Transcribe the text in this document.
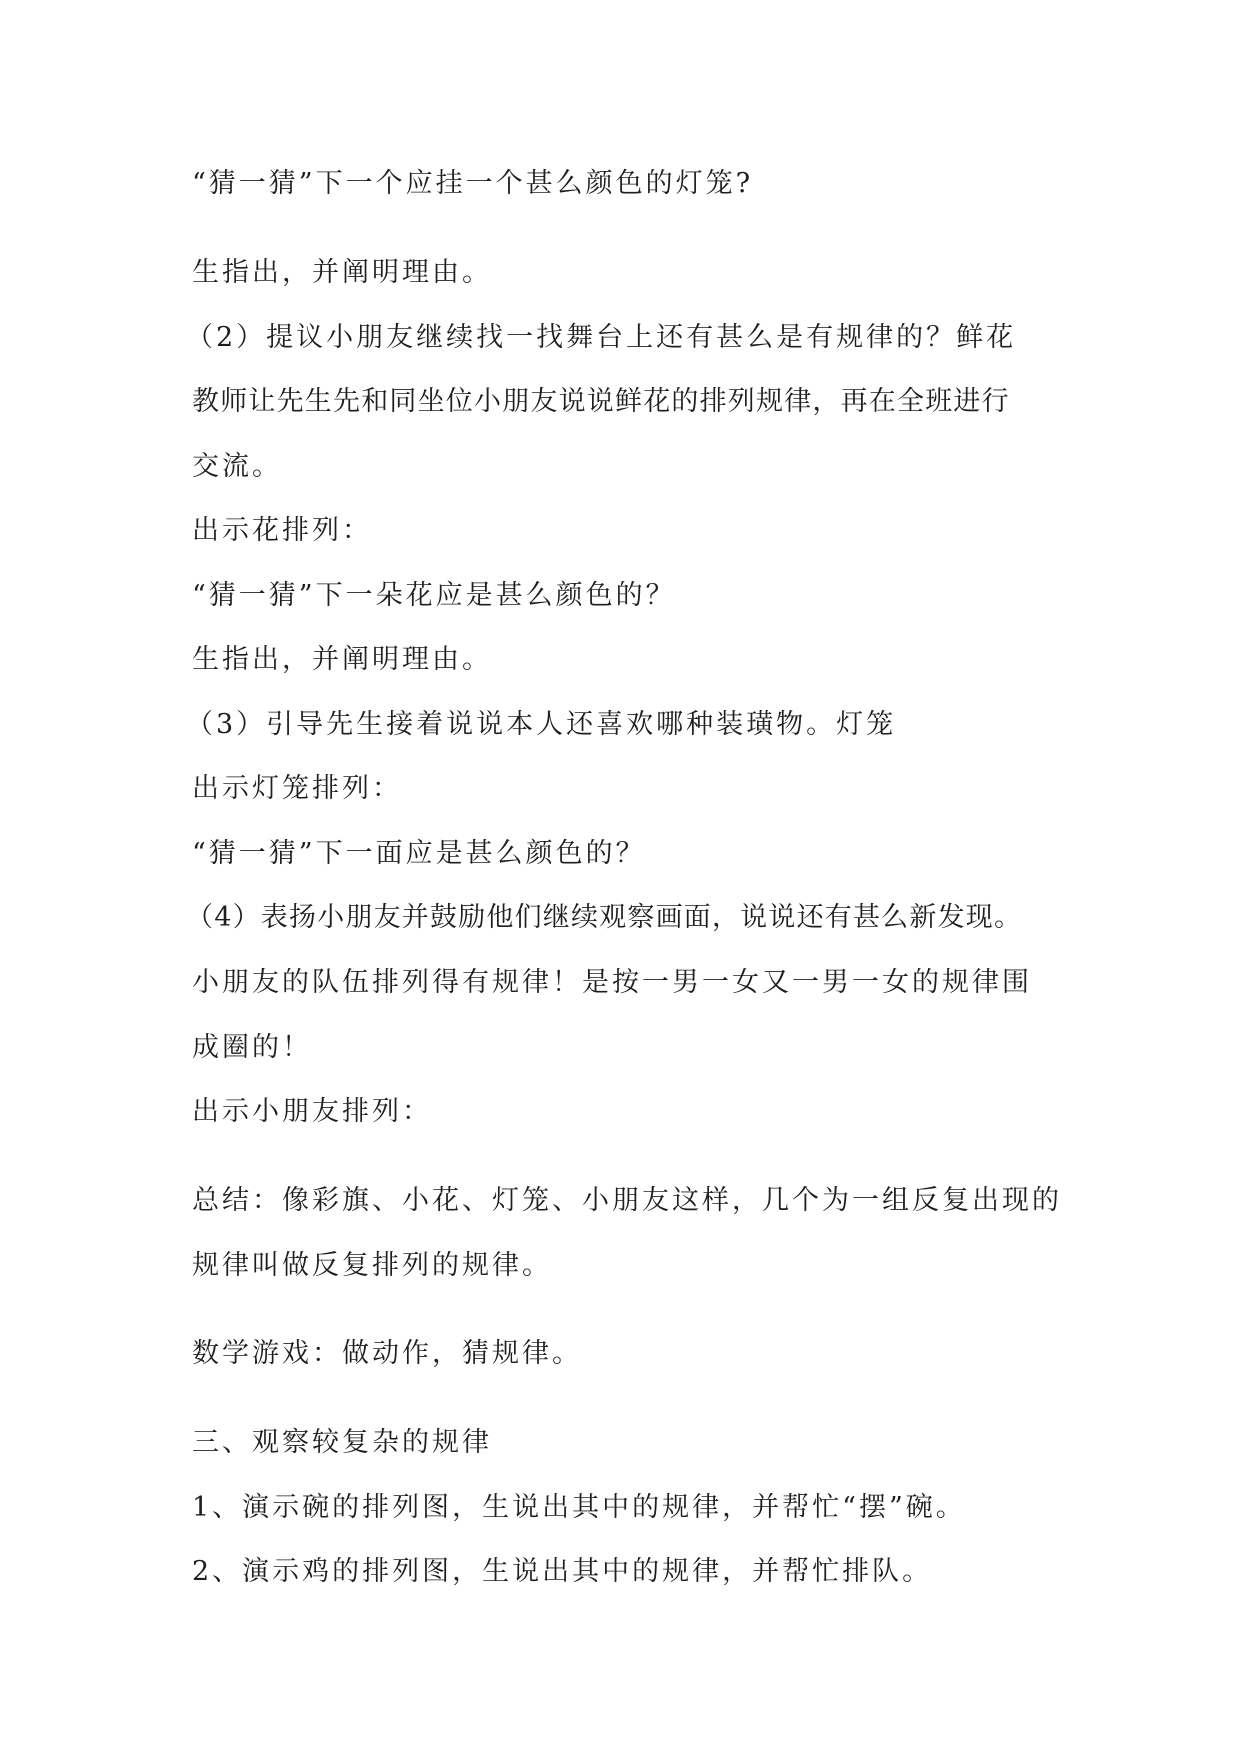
“猜一猜”下一个应挂一个甚么颜色的灯笼?

生指出，并阐明理由。

（2）提议小朋友继续找一找舞台上还有甚么是有规律的？鲜花

教师让先生先和同坐位小朋友说说鲜花的排列规律，再在全班进行

交流。

出示花排列：

“猜一猜”下一朵花应是甚么颜色的？

生指出，并阐明理由。

（3）引导先生接着说说本人还喜欢哪种装璜物。灯笼

出示灯笼排列：

“猜一猜”下一面应是甚么颜色的？

（4）表扬小朋友并鼓励他们继续观察画面，说说还有甚么新发现。

小朋友的队伍排列得有规律！是按一男一女又一男一女的规律围

成圈的！

出示小朋友排列：

总结：像彩旗、小花、灯笼、小朋友这样，几个为一组反复出现的

规律叫做反复排列的规律。

数学游戏：做动作，猜规律。

三、观察较复杂的规律

1、演示碗的排列图，生说出其中的规律，并帮忙“摆”碗。

2、演示鸡的排列图，生说出其中的规律，并帮忙排队。
